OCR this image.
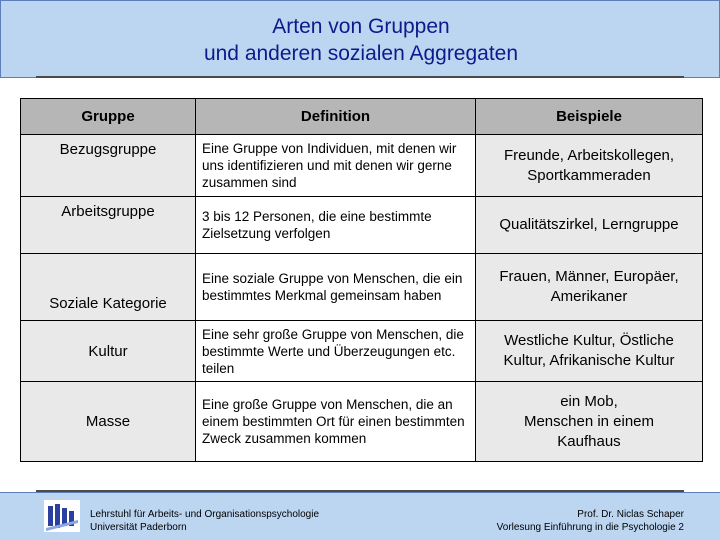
Arten von Gruppen
und anderen sozialen Aggregaten
Gruppe	Definition	Beispiele
Bezugsgruppe	Eine Gruppe von Individuen, mit denen wir uns identifizieren und mit denen wir gerne zusammen sind	Freunde, Arbeitskollegen,
Sportkammeraden
Arbeitsgruppe	3 bis 12 Personen, die eine bestimmte Zielsetzung verfolgen	Qualitätszirkel, Lerngruppe
Soziale Kategorie	Eine soziale Gruppe von Menschen, die ein bestimmtes Merkmal gemeinsam haben	Frauen, Männer, Europäer,
Amerikaner
Kultur	Eine sehr große Gruppe von Menschen, die bestimmte Werte und Überzeugungen etc. teilen	Westliche Kultur, Östliche
Kultur, Afrikanische Kultur
Masse	Eine große Gruppe von Menschen, die an einem bestimmten Ort für einen bestimmten Zweck zusammen kommen	ein Mob,
Menschen in einem
Kaufhaus
Lehrstuhl für Arbeits- und Organisationspsychologie
Universität Paderborn
Prof. Dr. Niclas Schaper
Vorlesung Einführung in die Psychologie 2
